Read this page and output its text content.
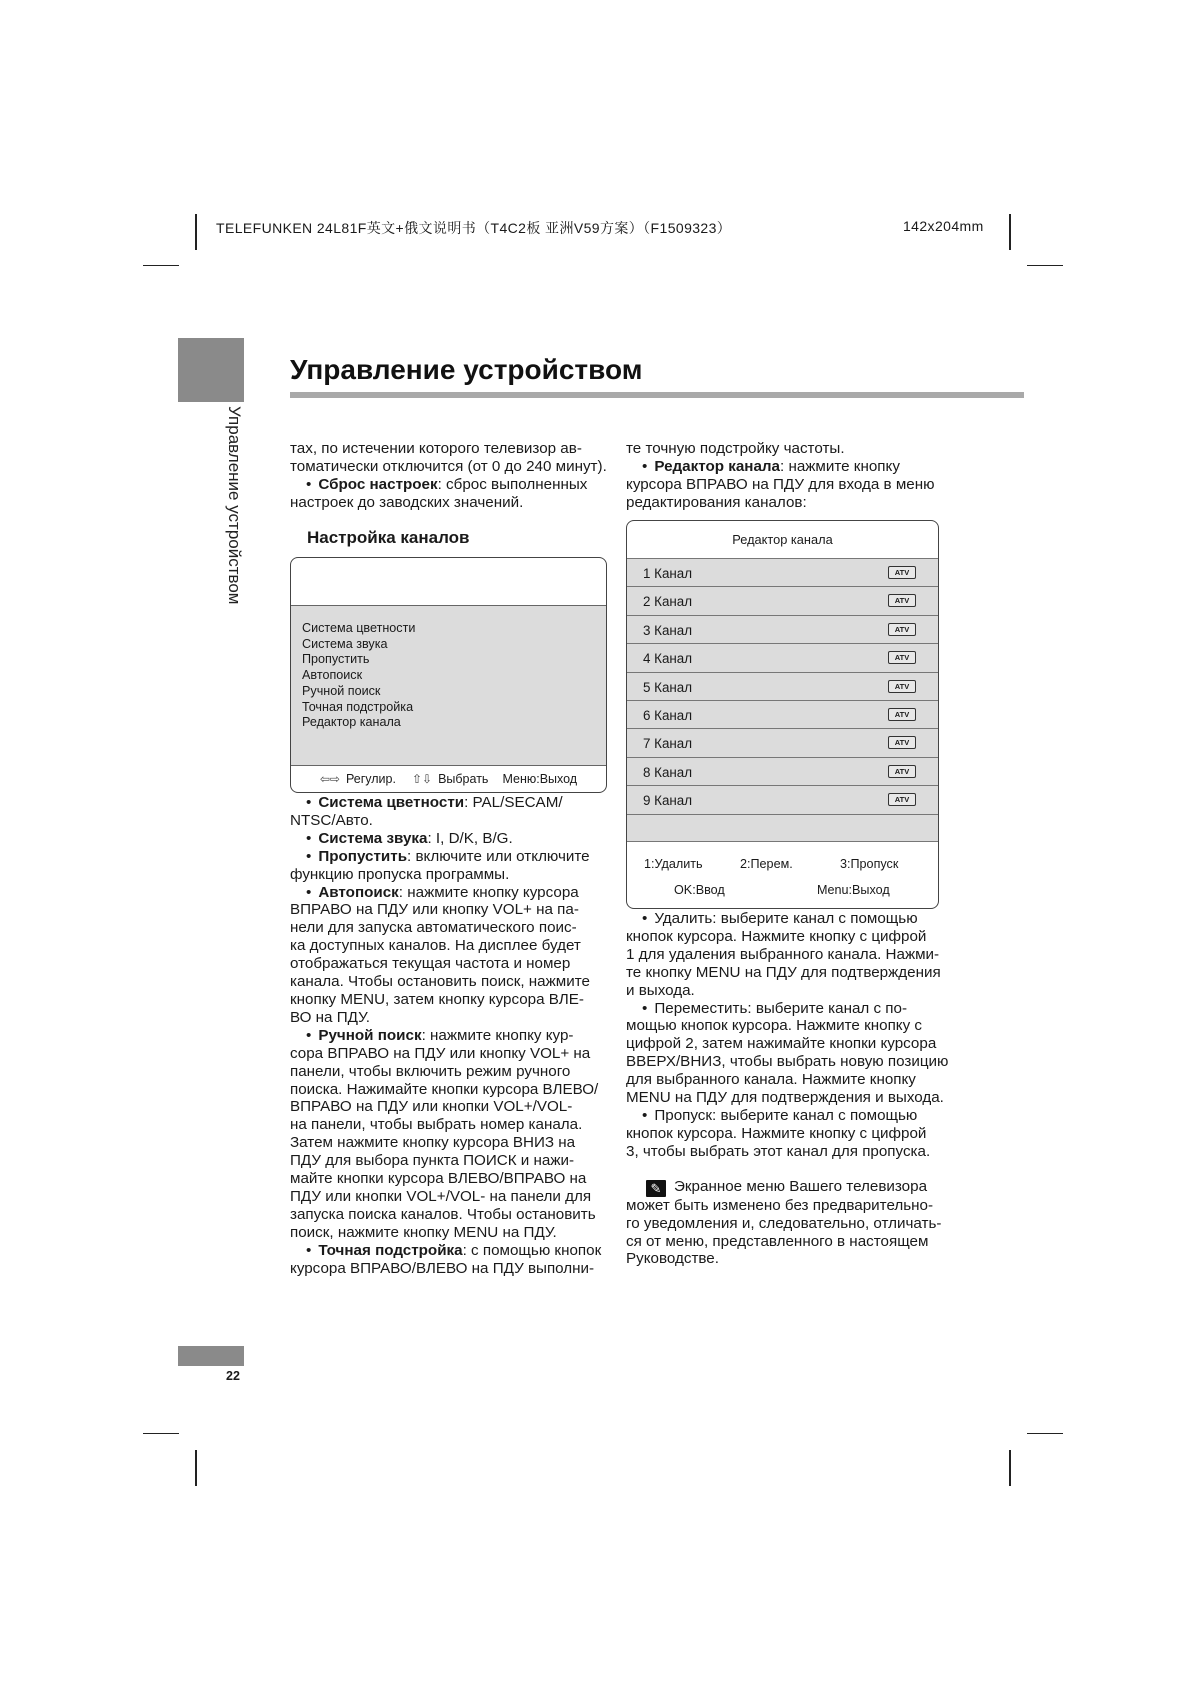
TELEFUNKEN 24L81F英文+俄文说明书（T4C2板 亚洲V59方案）（F1509323）	142x204mm
Управление устройством
Управление устройством

тах, по истечении которого телевизор ав-

томатически отключится (от 0 до 240 минут).

• Сброс настроек: сброс выполненных

настроек до заводских значений.

Настройка каналов
Система цветности
Система звука
Пропустить
Автопоиск
Ручной поиск
Точная подстройка
Редактор канала
⇦⇨ Регулир. ⇧⇩ Выбрать Меню:Выход

• Система цветности: PAL/SECAM/

NTSC/Авто.

• Система звука: I, D/K, B/G.

• Пропустить: включите или отключите

функцию пропуска программы.

• Автопоиск: нажмите кнопку курсора

ВПРАВО на ПДУ или кнопку VOL+ на па-

нели для запуска автоматического поис-

ка доступных каналов. На дисплее будет

отображаться текущая частота и номер

канала. Чтобы остановить поиск, нажмите

кнопку MENU, затем кнопку курсора ВЛЕ-

ВО на ПДУ.

• Ручной поиск: нажмите кнопку кур-

сора ВПРАВО на ПДУ или кнопку VOL+ на

панели, чтобы включить режим ручного

поиска. Нажимайте кнопки курсора ВЛЕВО/

ВПРАВО на ПДУ или кнопки VOL+/VOL-

на панели, чтобы выбрать номер канала.

Затем нажмите кнопку курсора ВНИЗ на

ПДУ для выбора пункта ПОИСК и нажи-

майте кнопки курсора ВЛЕВО/ВПРАВО на

ПДУ или кнопки VOL+/VOL- на панели для

запуска поиска каналов. Чтобы остановить

поиск, нажмите кнопку MENU на ПДУ.

• Точная подстройка: с помощью кнопок

курсора ВПРАВО/ВЛЕВО на ПДУ выполни-

те точную подстройку частоты.

• Редактор канала: нажмите кнопку

курсора ВПРАВО на ПДУ для входа в меню

редактирования каналов:

Редактор канала
1 Канал	ATV
2 Канал	ATV
3 Канал	ATV
4 Канал	ATV
5 Канал	ATV
6 Канал	ATV
7 Канал	ATV
8 Канал	ATV
9 Канал	ATV
1:Удалить	2:Перем.	3:Пропуск
OK:Ввод	Menu:Выход

• Удалить: выберите канал с помощью

кнопок курсора. Нажмите кнопку с цифрой

1 для удаления выбранного канала. Нажми-

те кнопку MENU на ПДУ для подтверждения

и выхода.

• Переместить: выберите канал с по-

мощью кнопок курсора. Нажмите кнопку с

цифрой 2, затем нажимайте кнопки курсора

ВВЕРХ/ВНИЗ, чтобы выбрать новую позицию

для выбранного канала. Нажмите кнопку

MENU на ПДУ для подтверждения и выхода.

• Пропуск: выберите канал с помощью

кнопок курсора. Нажмите кнопку с цифрой

3, чтобы выбрать этот канал для пропуска.

✎ Экранное меню Вашего телевизора

может быть изменено без предварительно-

го уведомления и, следовательно, отличать-

ся от меню, представленного в настоящем

Руководстве.

22
